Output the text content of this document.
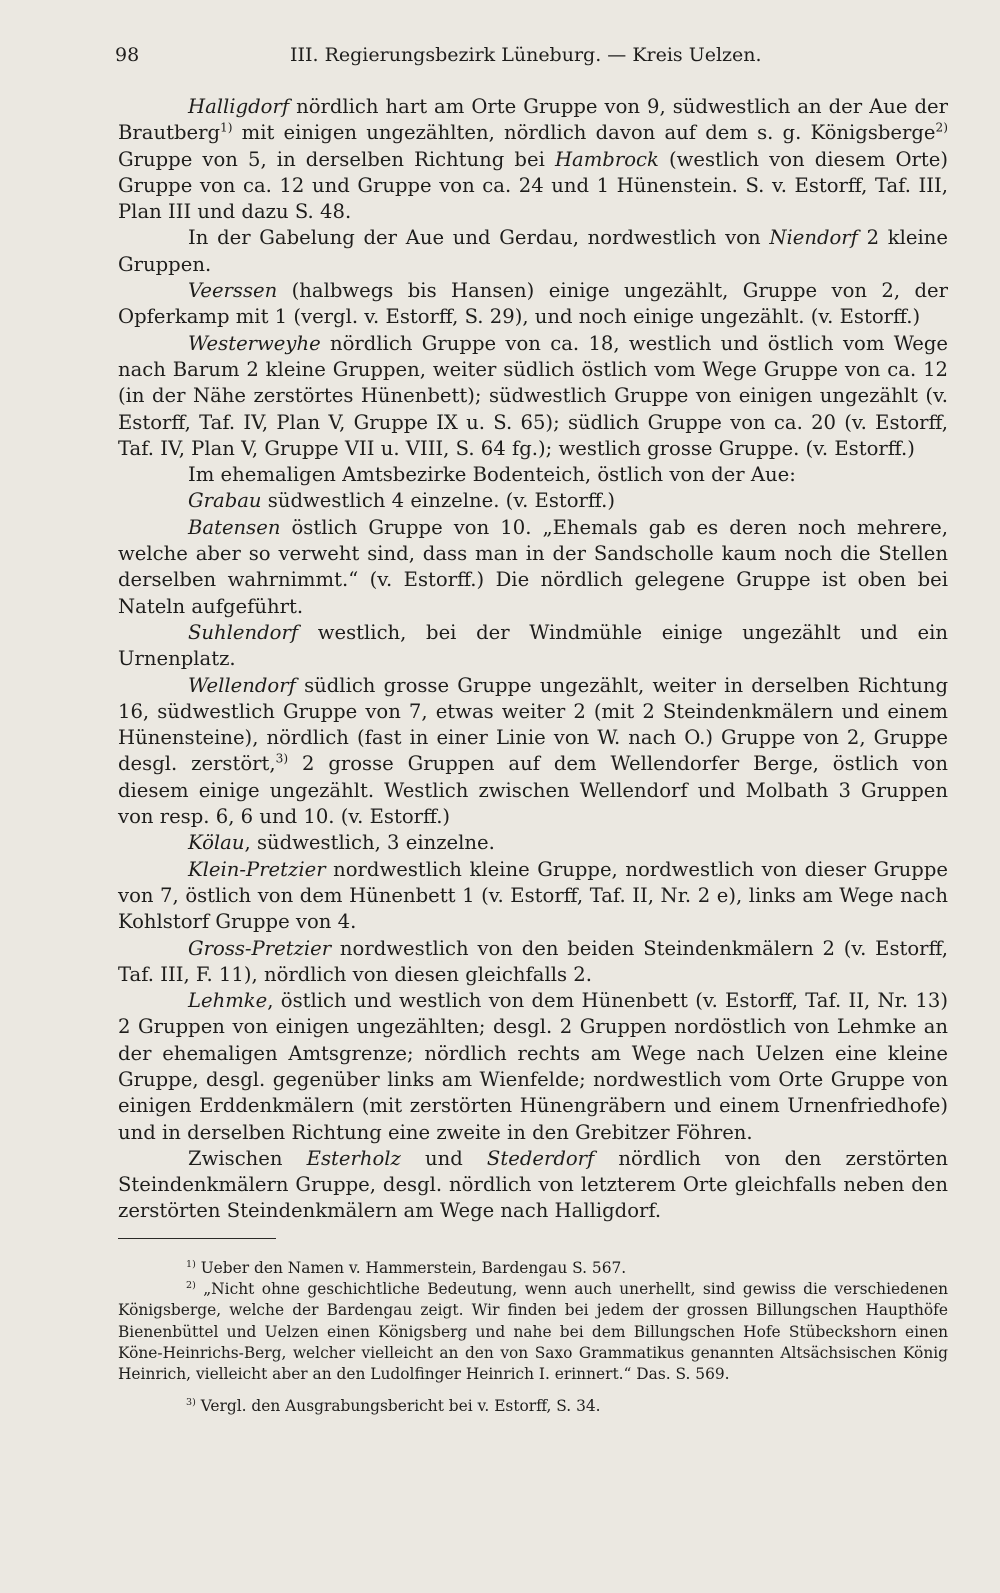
98	III. Regierungsbezirk Lüneburg. — Kreis Uelzen.

Halligdorf nördlich hart am Orte Gruppe von 9, südwestlich an der Aue der Brautberg$^{1)}$ mit einigen ungezählten, nördlich davon auf dem s. g. Königsberge$^{2)}$ Gruppe von 5, in derselben Richtung bei Hambrock (westlich von diesem Orte) Gruppe von ca. 12 und Gruppe von ca. 24 und 1 Hünenstein. S. v. Estorff, Taf. III, Plan III und dazu S. 48.

In der Gabelung der Aue und Gerdau, nordwestlich von Niendorf 2 kleine Gruppen.

Veerssen (halbwegs bis Hansen) einige ungezählt, Gruppe von 2, der Opferkamp mit 1 (vergl. v. Estorff, S. 29), und noch einige ungezählt. (v. Estorff.)

Westerweyhe nördlich Gruppe von ca. 18, westlich und östlich vom Wege nach Barum 2 kleine Gruppen, weiter südlich östlich vom Wege Gruppe von ca. 12 (in der Nähe zerstörtes Hünenbett); südwestlich Gruppe von einigen ungezählt (v. Estorff, Taf. IV, Plan V, Gruppe IX u. S. 65); südlich Gruppe von ca. 20 (v. Estorff, Taf. IV, Plan V, Gruppe VII u. VIII, S. 64 fg.); westlich grosse Gruppe. (v. Estorff.)

Im ehemaligen Amtsbezirke Bodenteich, östlich von der Aue:

Grabau südwestlich 4 einzelne. (v. Estorff.)

Batensen östlich Gruppe von 10. „Ehemals gab es deren noch mehrere, welche aber so verweht sind, dass man in der Sandscholle kaum noch die Stellen derselben wahrnimmt.“ (v. Estorff.) Die nördlich gelegene Gruppe ist oben bei Nateln aufgeführt.

Suhlendorf westlich, bei der Windmühle einige ungezählt und ein Urnenplatz.

Wellendorf südlich grosse Gruppe ungezählt, weiter in derselben Richtung 16, südwestlich Gruppe von 7, etwas weiter 2 (mit 2 Steindenkmälern und einem Hünensteine), nördlich (fast in einer Linie von W. nach O.) Gruppe von 2, Gruppe desgl. zerstört,$^{3)}$ 2 grosse Gruppen auf dem Wellendorfer Berge, östlich von diesem einige ungezählt. Westlich zwischen Wellendorf und Molbath 3 Gruppen von resp. 6, 6 und 10. (v. Estorff.)

Kölau, südwestlich, 3 einzelne.

Klein-Pretzier nordwestlich kleine Gruppe, nordwestlich von dieser Gruppe von 7, östlich von dem Hünenbett 1 (v. Estorff, Taf. II, Nr. 2 e), links am Wege nach Kohlstorf Gruppe von 4.

Gross-Pretzier nordwestlich von den beiden Steindenkmälern 2 (v. Estorff, Taf. III, F. 11), nördlich von diesen gleichfalls 2.

Lehmke, östlich und westlich von dem Hünenbett (v. Estorff, Taf. II, Nr. 13) 2 Gruppen von einigen ungezählten; desgl. 2 Gruppen nordöstlich von Lehmke an der ehemaligen Amtsgrenze; nördlich rechts am Wege nach Uelzen eine kleine Gruppe, desgl. gegenüber links am Wienfelde; nordwestlich vom Orte Gruppe von einigen Erddenkmälern (mit zerstörten Hünengräbern und einem Urnenfriedhofe) und in derselben Richtung eine zweite in den Grebitzer Föhren.

Zwischen Esterholz und Stederdorf nördlich von den zerstörten Steindenkmälern Gruppe, desgl. nördlich von letzterem Orte gleichfalls neben den zerstörten Steindenkmälern am Wege nach Halligdorf.

$^{1)}$ Ueber den Namen v. Hammerstein, Bardengau S. 567.

$^{2)}$ „Nicht ohne geschichtliche Bedeutung, wenn auch unerhellt, sind gewiss die verschiedenen Königsberge, welche der Bardengau zeigt. Wir finden bei jedem der grossen Billungschen Haupthöfe Bienenbüttel und Uelzen einen Königsberg und nahe bei dem Billungschen Hofe Stübeckshorn einen Köne-Heinrichs-Berg, welcher vielleicht an den von Saxo Grammatikus genannten Altsächsischen König Heinrich, vielleicht aber an den Ludolfinger Heinrich I. erinnert.“ Das. S. 569.

$^{3)}$ Vergl. den Ausgrabungsbericht bei v. Estorff, S. 34.
